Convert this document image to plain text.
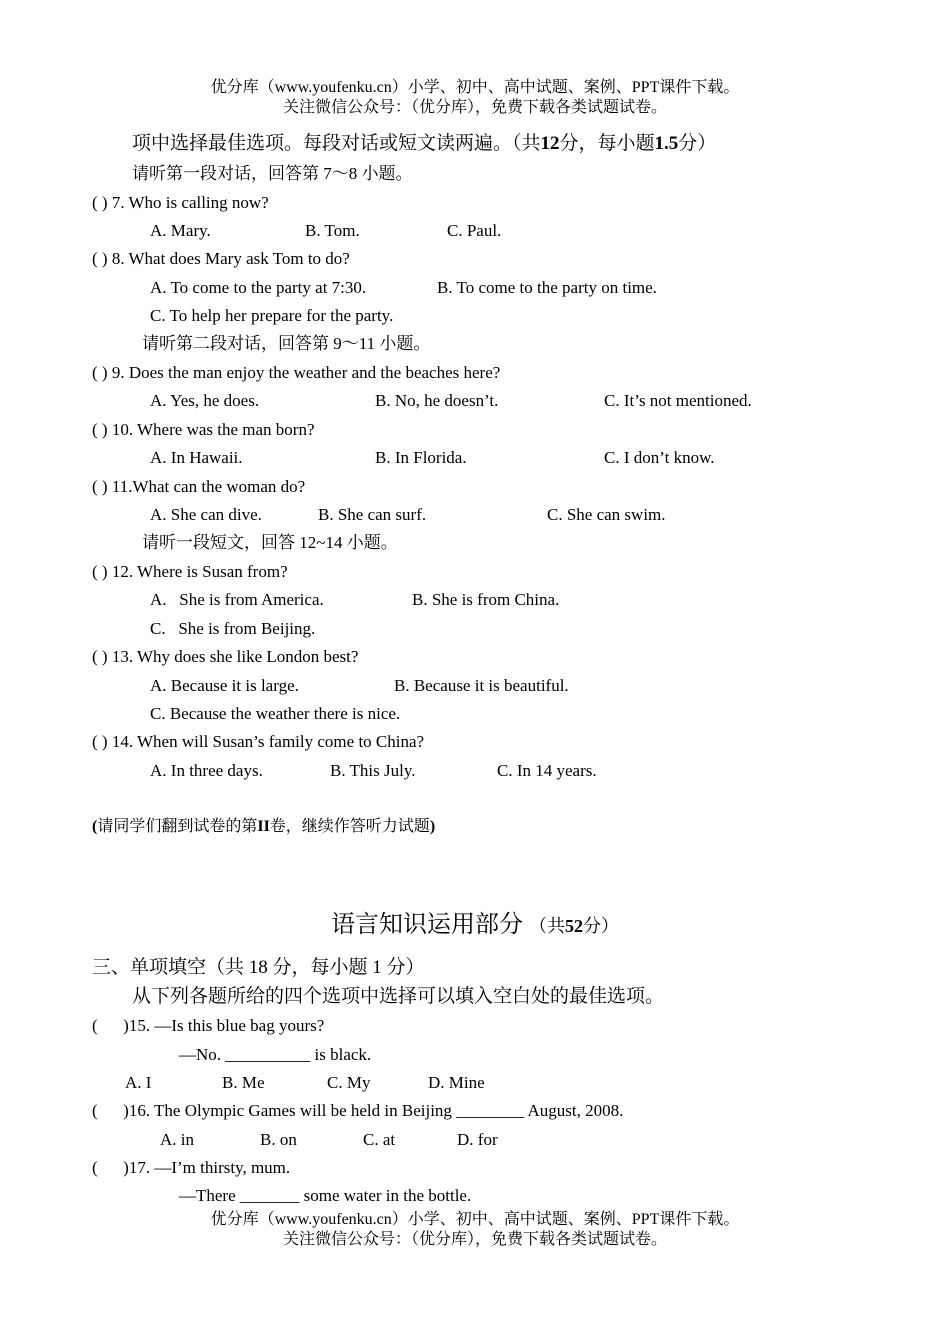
优分库（www.youfenku.cn）小学、初中、高中试题、案例、PPT课件下载。
关注微信公众号：（优分库），免费下载各类试题试卷。
项中选择最佳选项。每段对话或短文读两遍。（共12分，每小题1.5分）
请听第一段对话，回答第 7～8 小题。
( ) 7. Who is calling now?
A. Mary.	B. Tom.	C. Paul.
( ) 8. What does Mary ask Tom to do?
A. To come to the party at 7:30.	B. To come to the party on time.
C. To help her prepare for the party.
请听第二段对话，回答第 9～11 小题。
( ) 9. Does the man enjoy the weather and the beaches here?
A. Yes, he does.	B. No, he doesn’t.	C. It’s not mentioned.
( ) 10. Where was the man born?
A. In Hawaii.	B. In Florida.	C. I don’t know.
( ) 11.What can the woman do?
A. She can dive.	B. She can surf.	C. She can swim.
请听一段短文，回答 12~14 小题。
( ) 12. Where is Susan from?
A.   She is from America.	B. She is from China.
C.   She is from Beijing.
( ) 13. Why does she like London best?
A. Because it is large.	B. Because it is beautiful.
C. Because the weather there is nice.
( ) 14. When will Susan’s family come to China?
A. In three days.	B. This July.	C. In 14 years.
(请同学们翻到试卷的第II卷，继续作答听力试题)
语言知识运用部分 （共52分）
三、单项填空（共 18 分，每小题 1 分）
从下列各题所给的四个选项中选择可以填入空白处的最佳选项。
(      )15. —Is this blue bag yours?
—No. __________ is black.
A. I	B. Me	C. My	D. Mine
(      )16. The Olympic Games will be held in Beijing ________ August, 2008.
A. in	B. on	C. at	D. for
(      )17. —I’m thirsty, mum.
—There _______ some water in the bottle.
优分库（www.youfenku.cn）小学、初中、高中试题、案例、PPT课件下载。
关注微信公众号：（优分库），免费下载各类试题试卷。
